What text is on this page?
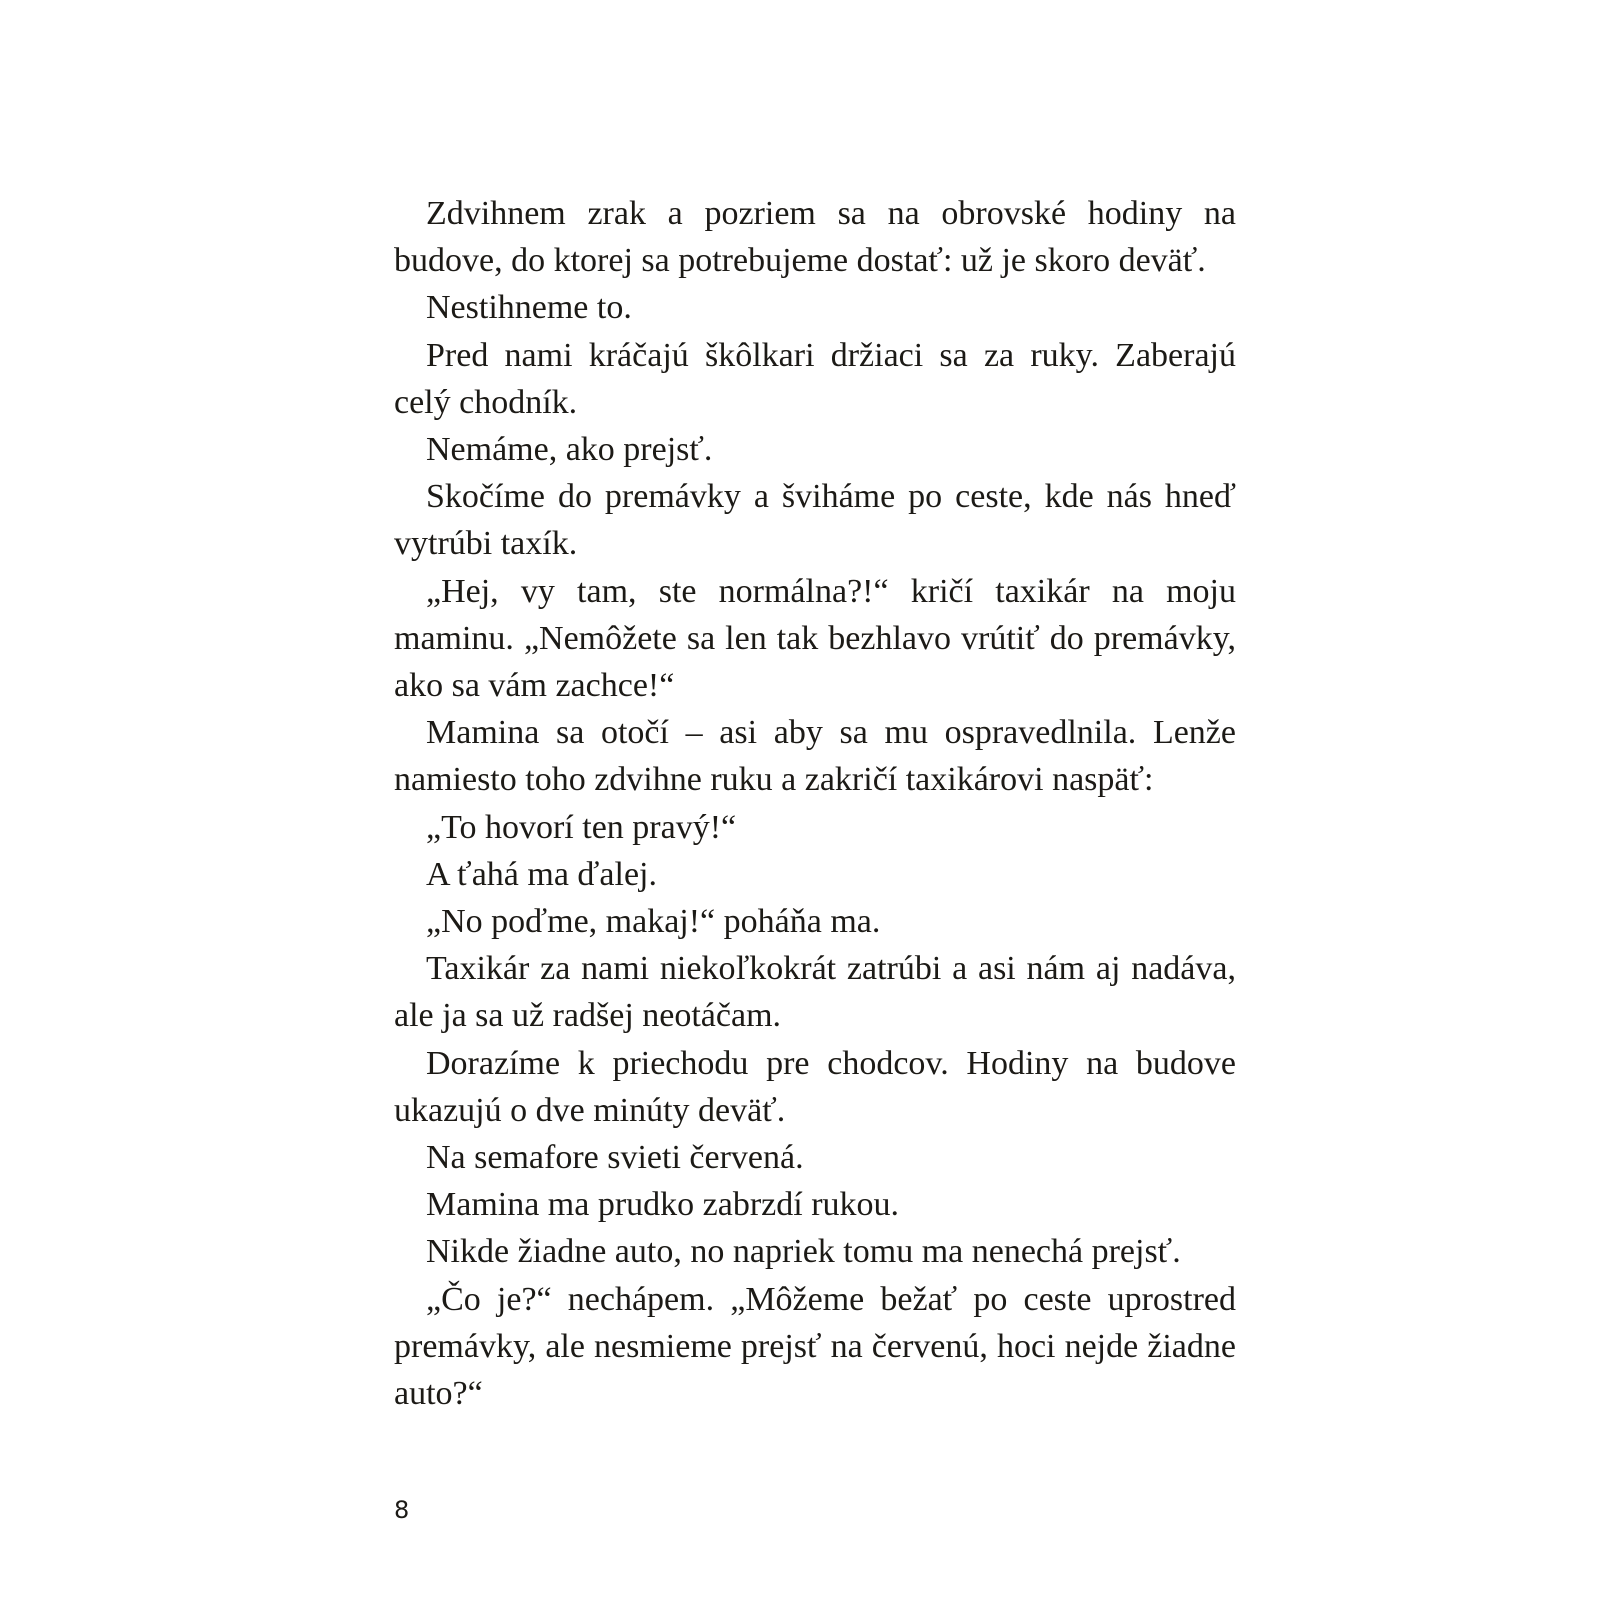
Zdvihnem zrak a pozriem sa na obrovské hodiny na budove, do ktorej sa potrebujeme dostať: už je skoro deväť.

Nestihneme to.

Pred nami kráčajú škôlkari držiaci sa za ruky. Zaberajú celý chodník.

Nemáme, ako prejsť.

Skočíme do premávky a šviháme po ceste, kde nás hneď vytrúbi taxík.

„Hej, vy tam, ste normálna?!“ kričí taxikár na moju maminu. „Nemôžete sa len tak bezhlavo vrútiť do premávky, ako sa vám zachce!“

Mamina sa otočí – asi aby sa mu ospravedlnila. Lenže namiesto toho zdvihne ruku a zakričí taxikárovi naspäť:

„To hovorí ten pravý!“

A ťahá ma ďalej.

„No poďme, makaj!“ poháňa ma.

Taxikár za nami niekoľkokrát zatrúbi a asi nám aj nadáva, ale ja sa už radšej neotáčam.

Dorazíme k priechodu pre chodcov. Hodiny na budove ukazujú o dve minúty deväť.

Na semafore svieti červená.

Mamina ma prudko zabrzdí rukou.

Nikde žiadne auto, no napriek tomu ma nenechá prejsť.

„Čo je?“ nechápem. „Môžeme bežať po ceste uprostred premávky, ale nesmieme prejsť na červenú, hoci nejde žiadne auto?“

8
